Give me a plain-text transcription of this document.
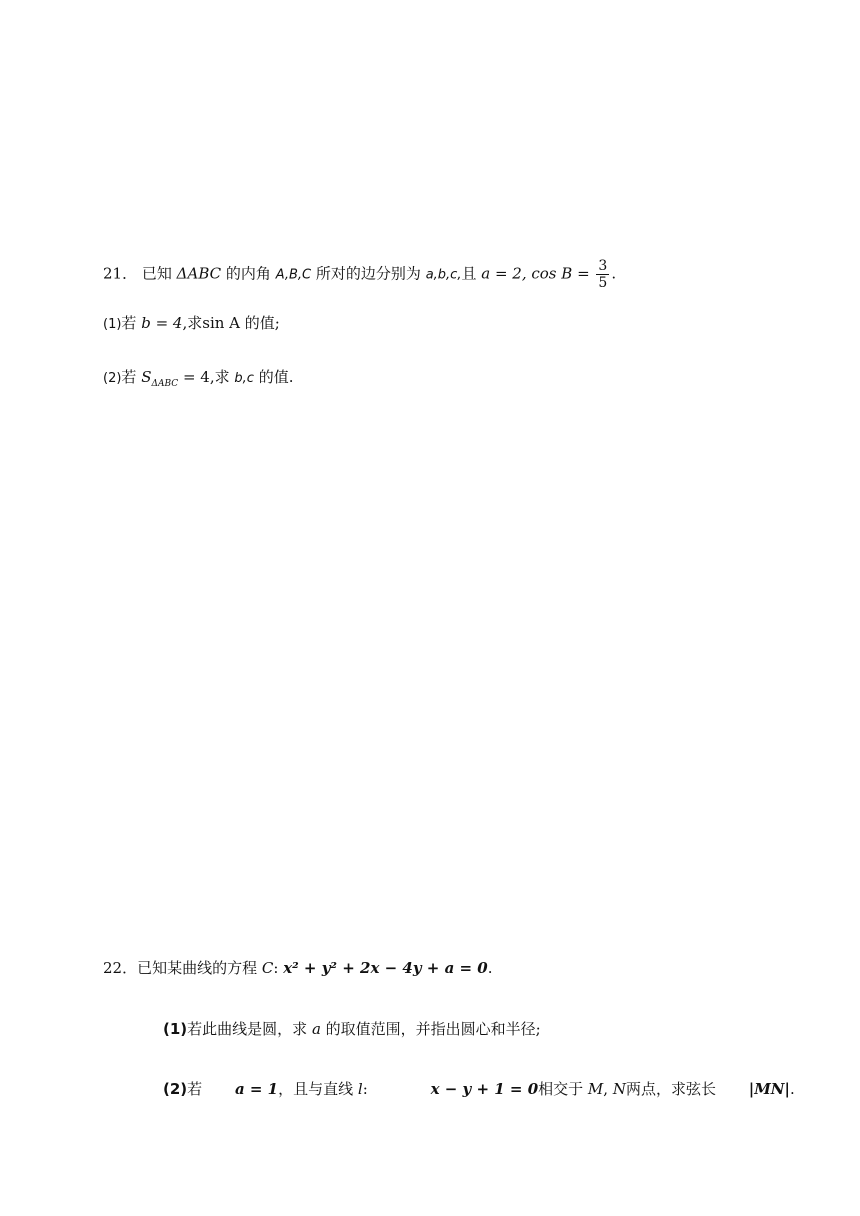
21． 已知 ΔABC 的内角 A,B,C 所对的边分别为 a,b,c,且 a = 2, $\cos B = \frac{3}{5}$ .
(1)若 b = 4,求sin A 的值;
(2)若 $S_{\Delta ABC} = 4$,求 b,c 的值.
22．已知某曲线的方程 C: x² + y² + 2x − 4y + a = 0.
(1)若此曲线是圆，求 a 的取值范围，并指出圆心和半径;
(2)若 a = 1，且与直线 l:	x − y + 1 = 0相交于 M, N两点，求弦长 |MN|.
